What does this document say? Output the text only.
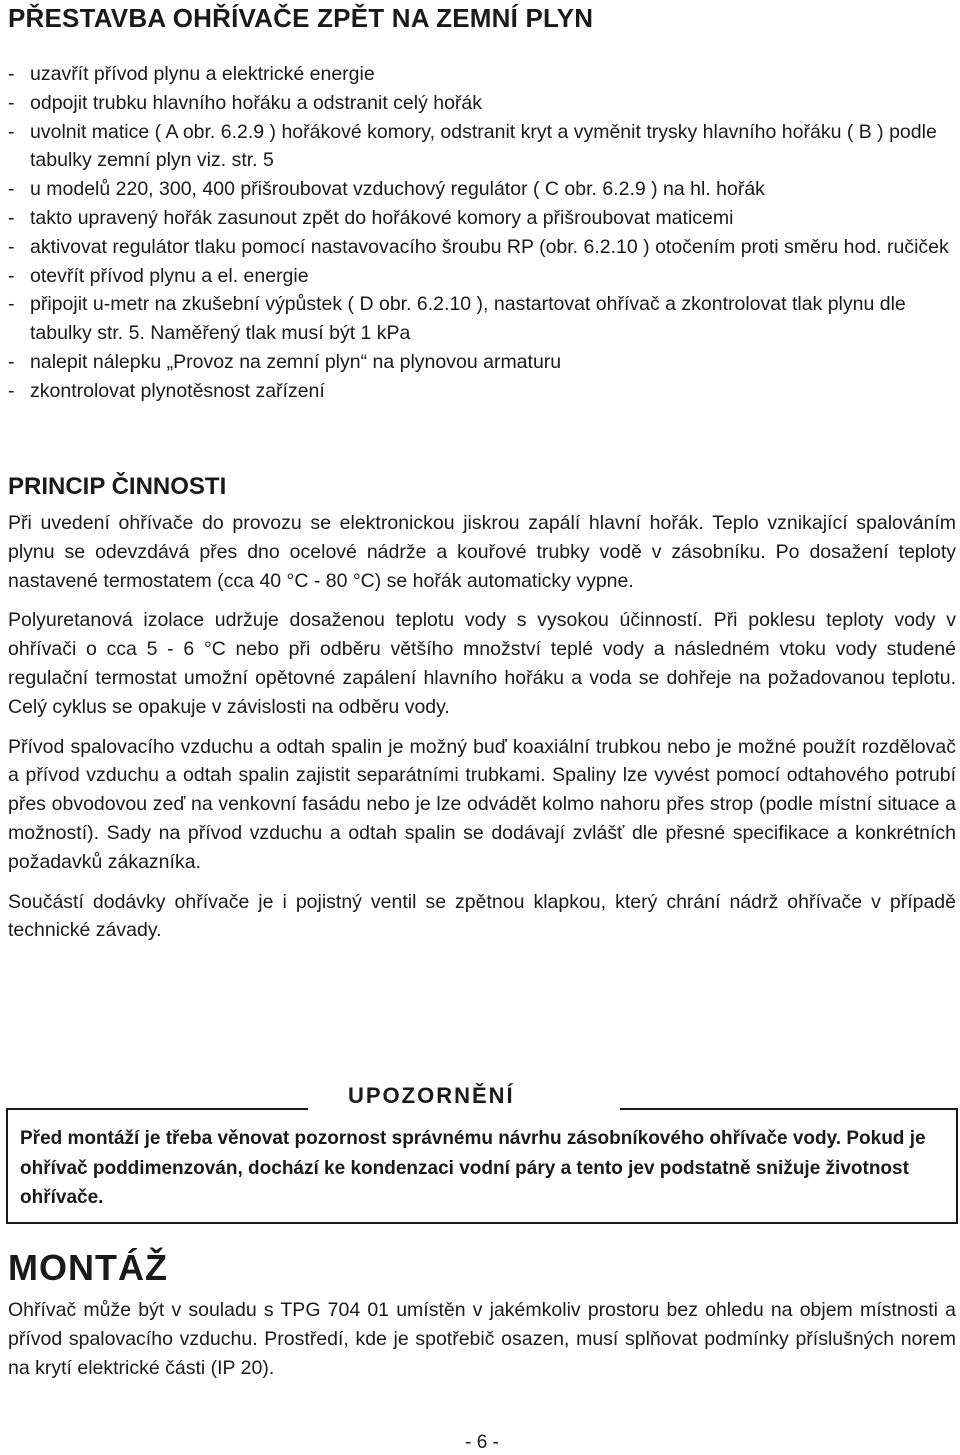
PŘESTAVBA OHŘÍVAČE ZPĚT NA ZEMNÍ PLYN
- uzavřít přívod plynu a elektrické energie
- odpojit trubku hlavního hořáku a odstranit celý hořák
- uvolnit matice ( A obr. 6.2.9 ) hořákové komory, odstranit kryt a vyměnit trysky hlavního hořáku ( B ) podle tabulky zemní plyn viz. str. 5
- u modelů 220, 300, 400 přišroubovat vzduchový regulátor ( C obr. 6.2.9 ) na hl. hořák
- takto upravený hořák zasunout zpět do hořákové komory a přišroubovat maticemi
- aktivovat regulátor tlaku pomocí nastavovacího šroubu RP (obr. 6.2.10 ) otočením proti směru hod. ručiček
- otevřít přívod plynu a el. energie
- připojit u-metr na zkušební výpůstek ( D obr. 6.2.10 ), nastartovat ohřívač a zkontrolovat tlak plynu dle tabulky str. 5. Naměřený tlak musí být 1 kPa
- nalepit nálepku „Provoz na zemní plyn“ na plynovou armaturu
- zkontrolovat plynotěsnost zařízení
PRINCIP ČINNOSTI

Při uvedení ohřívače do provozu se elektronickou jiskrou zapálí hlavní hořák. Teplo vznikající spalováním plynu se odevzdává přes dno ocelové nádrže a kouřové trubky vodě v zásobníku. Po dosažení teploty nastavené termostatem (cca 40 °C - 80 °C) se hořák automaticky vypne.

Polyuretanová izolace udržuje dosaženou teplotu vody s vysokou účinností. Při poklesu teploty vody v ohřívači o cca 5 - 6 °C nebo při odběru většího množství teplé vody a následném vtoku vody studené regulační termostat umožní opětovné zapálení hlavního hořáku a voda se dohřeje na požadovanou teplotu. Celý cyklus se opakuje v závislosti na odběru vody.

Přívod spalovacího vzduchu a odtah spalin je možný buď koaxiální trubkou nebo je možné použít rozdělovač a přívod vzduchu a odtah spalin zajistit separátními trubkami. Spaliny lze vyvést pomocí odtahového potrubí přes obvodovou zeď na venkovní fasádu nebo je lze odvádět kolmo nahoru přes strop (podle místní situace a možností). Sady na přívod vzduchu a odtah spalin se dodávají zvlášť dle přesné specifikace a konkrétních požadavků zákazníka.

Součástí dodávky ohřívače je i pojistný ventil se zpětnou klapkou, který chrání nádrž ohřívače v případě technické závady.

UPOZORNĚNÍ

Před montáží je třeba věnovat pozornost správnému návrhu zásobníkového ohřívače vody. Pokud je ohřívač poddimenzován, dochází ke kondenzaci vodní páry a tento jev podstatně snižuje životnost ohřívače.

MONTÁŽ

Ohřívač může být v souladu s TPG 704 01 umístěn v jakémkoliv prostoru bez ohledu na objem místnosti a přívod spalovacího vzduchu. Prostředí, kde je spotřebič osazen, musí splňovat podmínky příslušných norem na krytí elektrické části (IP 20).

- 6 -
